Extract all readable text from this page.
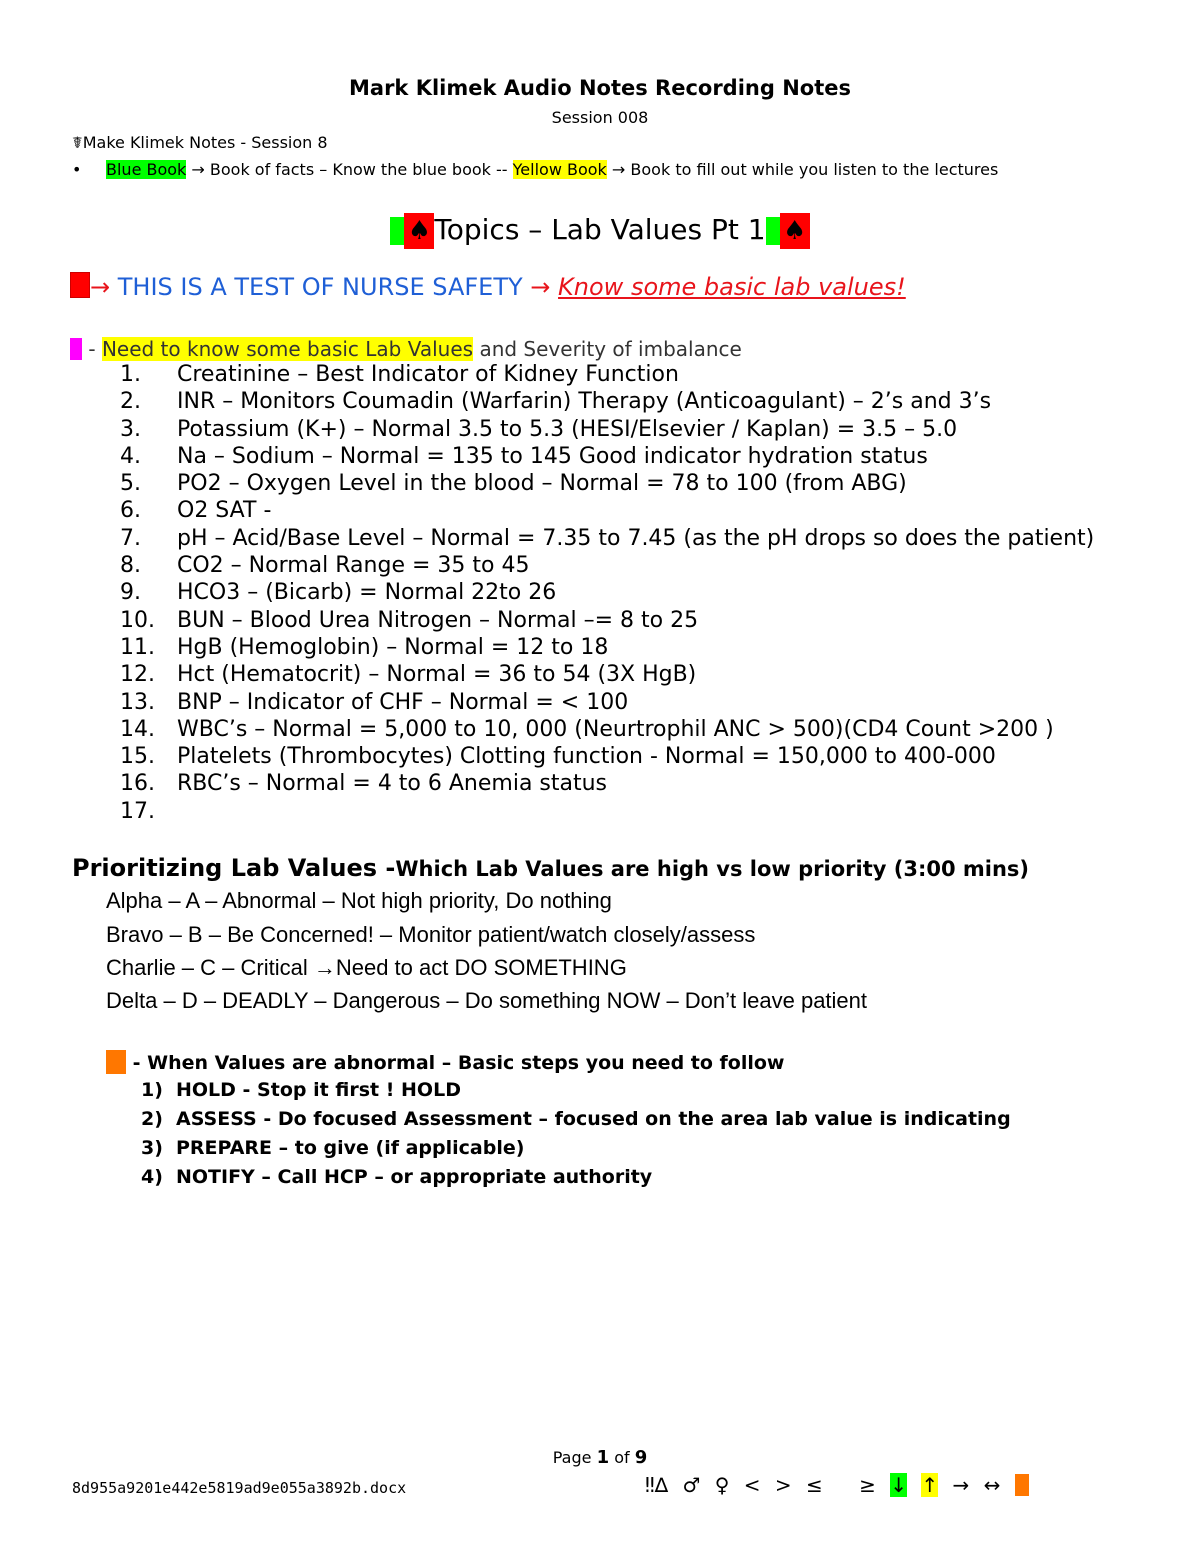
Mark Klimek Audio Notes Recording Notes
Session 008
☤Make Klimek Notes - Session 8
• Blue Book → Book of facts – Know the blue book -- Yellow Book → Book to fill out while you listen to the lectures
♠ Topics – Lab Values Pt 1 ♠
→ THIS IS A TEST OF NURSE SAFETY → Know some basic lab values!
- Need to know some basic Lab Values and Severity of imbalance
1. Creatinine – Best Indicator of Kidney Function
2. INR – Monitors Coumadin (Warfarin) Therapy (Anticoagulant) – 2’s and 3’s
3. Potassium (K+) – Normal 3.5 to 5.3 (HESI/Elsevier / Kaplan) = 3.5 – 5.0
4. Na – Sodium – Normal = 135 to 145 Good indicator hydration status
5. PO2 – Oxygen Level in the blood – Normal = 78 to 100 (from ABG)
6. O2 SAT -
7. pH – Acid/Base Level – Normal = 7.35 to 7.45 (as the pH drops so does the patient)
8. CO2 – Normal Range = 35 to 45
9. HCO3 – (Bicarb) = Normal 22to 26
10. BUN – Blood Urea Nitrogen – Normal –= 8 to 25
11. HgB (Hemoglobin) – Normal = 12 to 18
12. Hct (Hematocrit) – Normal = 36 to 54 (3X HgB)
13. BNP – Indicator of CHF – Normal = < 100
14. WBC’s – Normal = 5,000 to 10, 000 (Neurtrophil ANC > 500)(CD4 Count >200 )
15. Platelets (Thrombocytes) Clotting function - Normal = 150,000 to 400-000
16. RBC’s – Normal = 4 to 6 Anemia status
17.
Prioritizing Lab Values -Which Lab Values are high vs low priority (3:00 mins)
Alpha – A – Abnormal – Not high priority, Do nothing
Bravo – B – Be Concerned! – Monitor patient/watch closely/assess
Charlie – C – Critical →Need to act DO SOMETHING
Delta – D – DEADLY – Dangerous – Do something NOW – Don’t leave patient
- When Values are abnormal – Basic steps you need to follow
1) HOLD - Stop it first ! HOLD
2) ASSESS - Do focused Assessment – focused on the area lab value is indicating
3) PREPARE – to give (if applicable)
4) NOTIFY – Call HCP – or appropriate authority
Page 1 of 9
8d955a9201e442e5819ad9e055a3892b.docx	‼∆ ♂ ♀ < > ≤ ≥ ↓ ↑ → ↔
